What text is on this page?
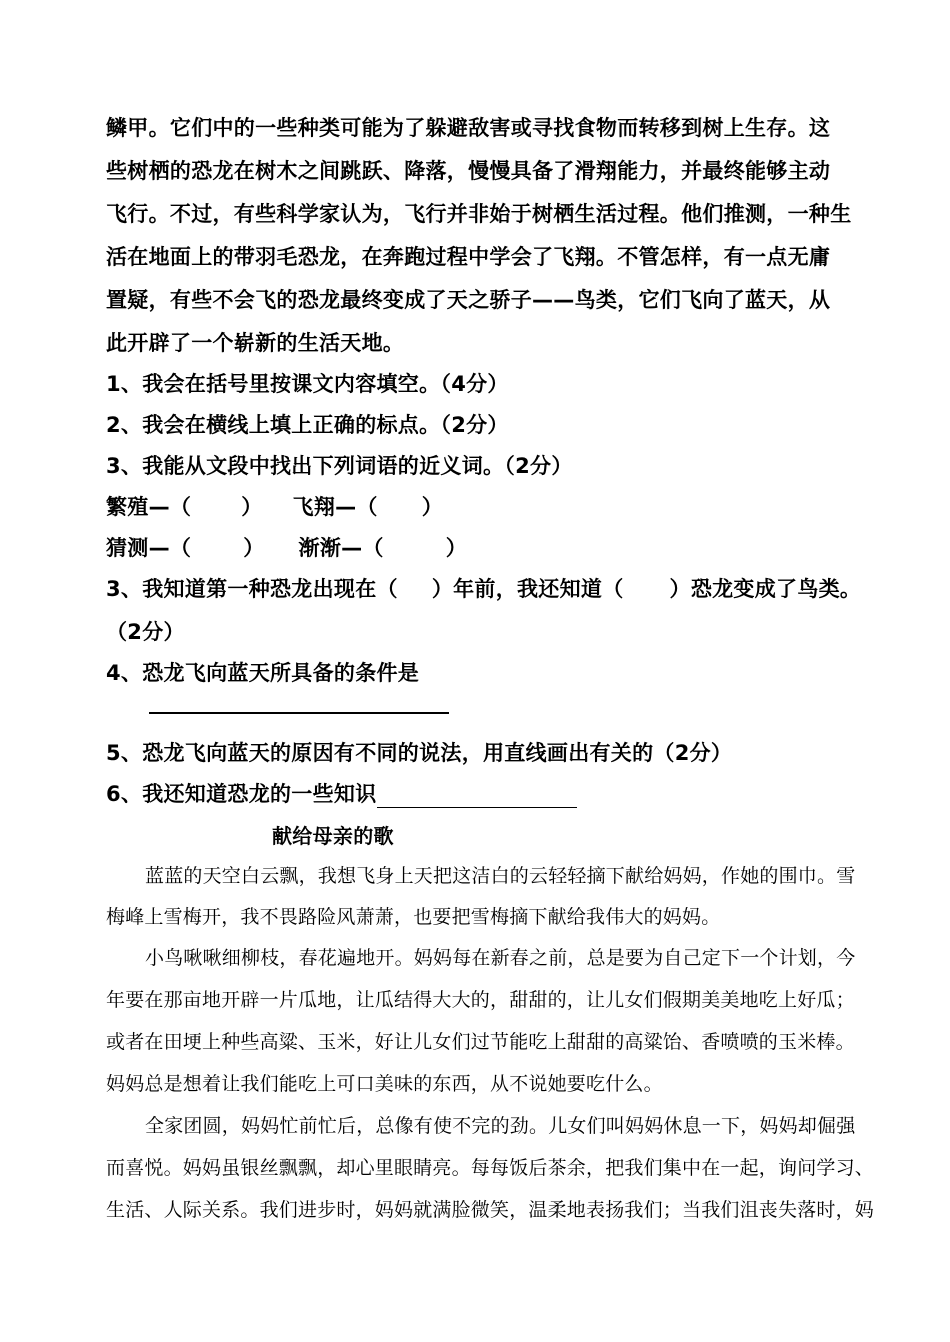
鳞甲。它们中的一些种类可能为了躲避敌害或寻找食物而转移到树上生存。这
些树栖的恐龙在树木之间跳跃、降落，慢慢具备了滑翔能力，并最终能够主动
飞行。不过，有些科学家认为，飞行并非始于树栖生活过程。他们推测，一种生
活在地面上的带羽毛恐龙，在奔跑过程中学会了飞翔。不管怎样，有一点无庸
置疑，有些不会飞的恐龙最终变成了天之骄子——鸟类，它们飞向了蓝天，从
此开辟了一个崭新的生活天地。
1、我会在括号里按课文内容填空。（4分）
2、我会在横线上填上正确的标点。（2分）
3、我能从文段中找出下列词语的近义词。（2分）
繁殖—（ ） 飞翔—（ ）
猜测—（ ） 渐渐—（	）
3、我知道第一种恐龙出现在（ ）年前，我还知道（ ）恐龙变成了鸟类。
（2分）
4、恐龙飞向蓝天所具备的条件是
5、恐龙飞向蓝天的原因有不同的说法，用直线画出有关的（2分）
6、我还知道恐龙的一些知识
献给母亲的歌
蓝蓝的天空白云飘，我想飞身上天把这洁白的云轻轻摘下献给妈妈，作她的围巾。雪
梅峰上雪梅开，我不畏路险风萧萧，也要把雪梅摘下献给我伟大的妈妈。
小鸟啾啾细柳枝，春花遍地开。妈妈每在新春之前，总是要为自己定下一个计划，今
年要在那亩地开辟一片瓜地，让瓜结得大大的，甜甜的，让儿女们假期美美地吃上好瓜；
或者在田埂上种些高粱、玉米，好让儿女们过节能吃上甜甜的高粱饴、香喷喷的玉米棒。
妈妈总是想着让我们能吃上可口美味的东西，从不说她要吃什么。
全家团圆，妈妈忙前忙后，总像有使不完的劲。儿女们叫妈妈休息一下，妈妈却倔强
而喜悦。妈妈虽银丝飘飘，却心里眼睛亮。每每饭后茶余，把我们集中在一起，询问学习、
生活、人际关系。我们进步时，妈妈就满脸微笑，温柔地表扬我们；当我们沮丧失落时，妈
